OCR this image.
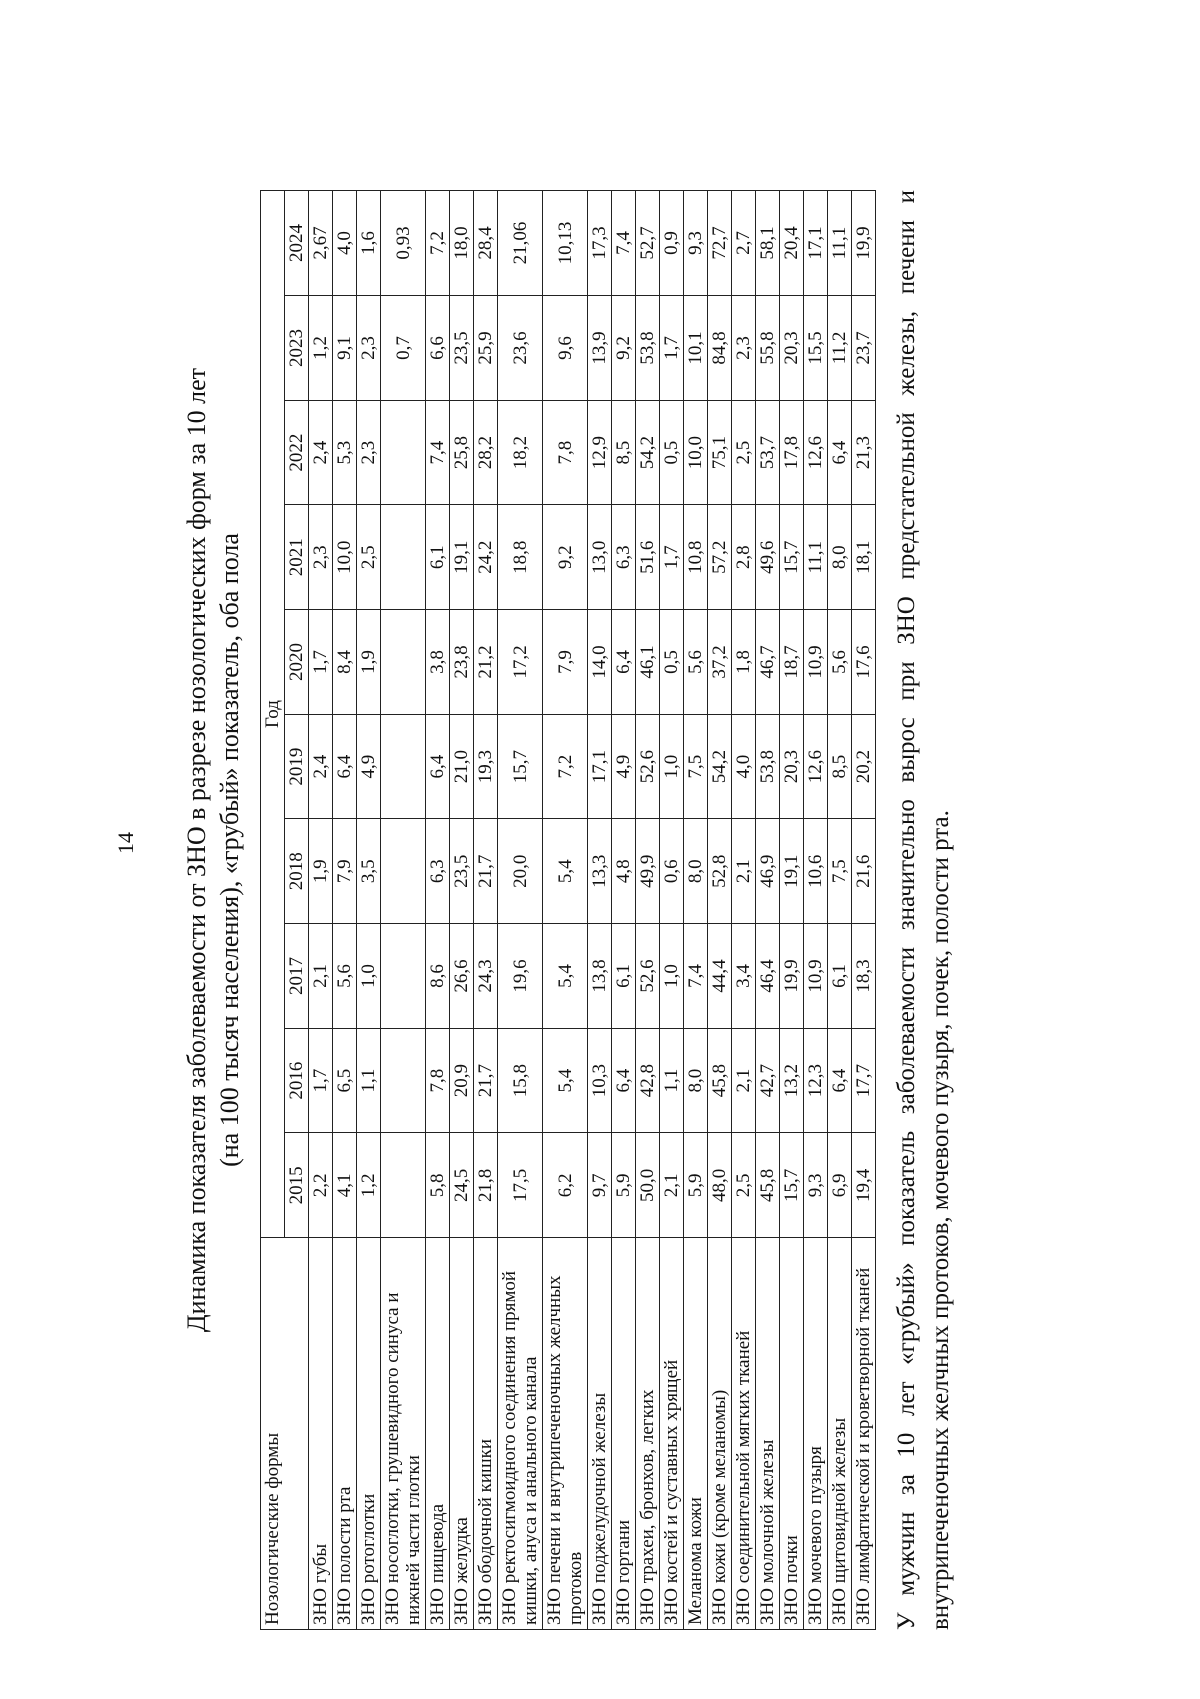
14 Динамика показателя заболеваемости от ЗНО в разрезе нозологических форм за 10 лет (на 100 тысяч населения), «грубый» показатель, оба пола

Нозологические формы	Год									
	2015	2016	2017	2018	2019	2020	2021	2022	2023	2024
ЗНО губы	2,2	1,7	2,1	1,9	2,4	1,7	2,3	2,4	1,2	2,67
ЗНО полости рта	4,1	6,5	5,6	7,9	6,4	8,4	10,0	5,3	9,1	4,0
ЗНО ротоглотки	1,2	1,1	1,0	3,5	4,9	1,9	2,5	2,3	2,3	1,6
ЗНО носоглотки, грушевидного синуса и нижней части глотки									0,7	0,93
ЗНО пищевода	5,8	7,8	8,6	6,3	6,4	3,8	6,1	7,4	6,6	7,2
ЗНО желудка	24,5	20,9	26,6	23,5	21,0	23,8	19,1	25,8	23,5	18,0
ЗНО ободочной кишки	21,8	21,7	24,3	21,7	19,3	21,2	24,2	28,2	25,9	28,4
ЗНО ректосигмоидного соединения прямой кишки, ануса и анального канала	17,5	15,8	19,6	20,0	15,7	17,2	18,8	18,2	23,6	21,06
ЗНО печени и внутрипеченочных желчных протоков	6,2	5,4	5,4	5,4	7,2	7,9	9,2	7,8	9,6	10,13
ЗНО поджелудочной железы	9,7	10,3	13,8	13,3	17,1	14,0	13,0	12,9	13,9	17,3
ЗНО гортани	5,9	6,4	6,1	4,8	4,9	6,4	6,3	8,5	9,2	7,4
ЗНО трахеи, бронхов, легких	50,0	42,8	52,6	49,9	52,6	46,1	51,6	54,2	53,8	52,7
ЗНО костей и суставных хрящей	2,1	1,1	1,0	0,6	1,0	0,5	1,7	0,5	1,7	0,9
Меланома кожи	5,9	8,0	7,4	8,0	7,5	5,6	10,8	10,0	10,1	9,3
ЗНО кожи (кроме меланомы)	48,0	45,8	44,4	52,8	54,2	37,2	57,2	75,1	84,8	72,7
ЗНО соединительной мягких тканей	2,5	2,1	3,4	2,1	4,0	1,8	2,8	2,5	2,3	2,7
ЗНО молочной железы	45,8	42,7	46,4	46,9	53,8	46,7	49,6	53,7	55,8	58,1
ЗНО почки	15,7	13,2	19,9	19,1	20,3	18,7	15,7	17,8	20,3	20,4
ЗНО мочевого пузыря	9,3	12,3	10,9	10,6	12,6	10,9	11,1	12,6	15,5	17,1
ЗНО щитовидной железы	6,9	6,4	6,1	7,5	8,5	5,6	8,0	6,4	11,2	11,1
ЗНО лимфатической и кроветворной тканей	19,4	17,7	18,3	21,6	20,2	17,6	18,1	21,3	23,7	19,9 У мужчин за 10 лет «грубый» показатель заболеваемости значительно вырос при ЗНО предстательной железы, печени и внутрипеченочных желчных протоков, мочевого пузыря, почек, полости рта.
